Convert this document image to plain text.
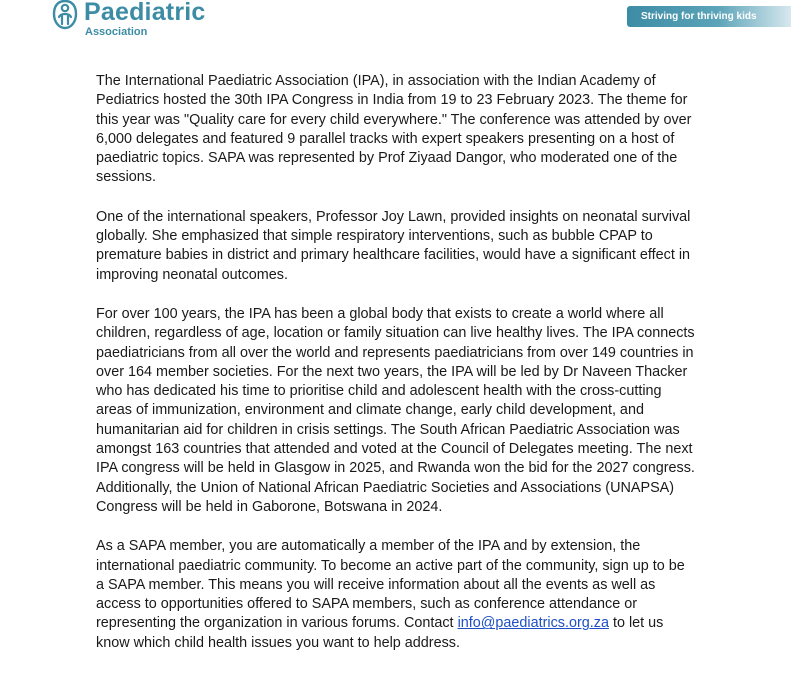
Paediatric
Association
Striving for thriving kids

The International Paediatric Association (IPA), in association with the Indian Academy of Pediatrics hosted the 30th IPA Congress in India from 19 to 23 February 2023. The theme for this year was "Quality care for every child everywhere." The conference was attended by over 6,000 delegates and featured 9 parallel tracks with expert speakers presenting on a host of paediatric topics. SAPA was represented by Prof Ziyaad Dangor, who moderated one of the sessions.

One of the international speakers, Professor Joy Lawn, provided insights on neonatal survival globally. She emphasized that simple respiratory interventions, such as bubble CPAP to premature babies in district and primary healthcare facilities, would have a significant effect in improving neonatal outcomes.

For over 100 years, the IPA has been a global body that exists to create a world where all children, regardless of age, location or family situation can live healthy lives. The IPA connects paediatricians from all over the world and represents paediatricians from over 149 countries in over 164 member societies. For the next two years, the IPA will be led by Dr Naveen Thacker who has dedicated his time to prioritise child and adolescent health with the cross-cutting areas of immunization, environment and climate change, early child development, and humanitarian aid for children in crisis settings. The South African Paediatric Association was amongst 163 countries that attended and voted at the Council of Delegates meeting. The next IPA congress will be held in Glasgow in 2025, and Rwanda won the bid for the 2027 congress. Additionally, the Union of National African Paediatric Societies and Associations (UNAPSA) Congress will be held in Gaborone, Botswana in 2024.

As a SAPA member, you are automatically a member of the IPA and by extension, the international paediatric community. To become an active part of the community, sign up to be a SAPA member. This means you will receive information about all the events as well as access to opportunities offered to SAPA members, such as conference attendance or representing the organization in various forums. Contact info@paediatrics.org.za to let us know which child health issues you want to help address.
